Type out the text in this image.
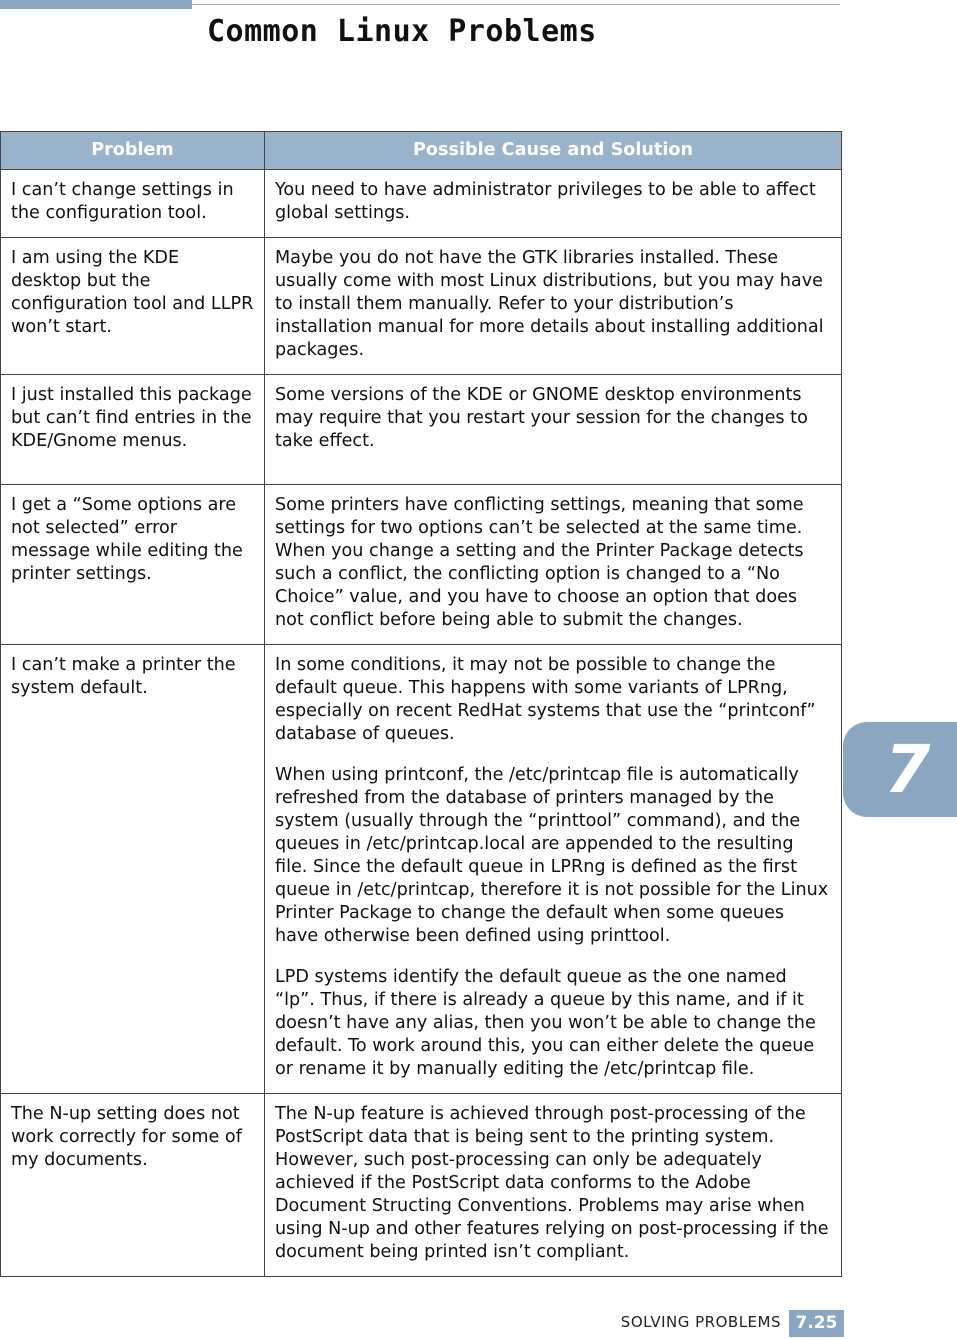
Common Linux Problems
Problem	Possible Cause and Solution
I can’t change settings in the configuration tool.	You need to have administrator privileges to be able to affect global settings.

I am using the KDE desktop but the configuration tool and LLPR won’t start.	Maybe you do not have the GTK libraries installed. These usually come with most Linux distributions, but you may have to install them manually. Refer to your distribution’s installation manual for more details about installing additional packages.

I just installed this package but can’t find entries in the KDE/Gnome menus.	Some versions of the KDE or GNOME desktop environments may require that you restart your session for the changes to take effect.

I get a “Some options are not selected” error message while editing the printer settings.	Some printers have conflicting settings, meaning that some settings for two options can’t be selected at the same time. When you change a setting and the Printer Package detects such a conflict, the conflicting option is changed to a “No Choice” value, and you have to choose an option that does not conflict before being able to submit the changes.

I can’t make a printer the system default.	In some conditions, it may not be possible to change the default queue. This happens with some variants of LPRng, especially on recent RedHat systems that use the “printconf” database of queues.

When using printconf, the /etc/printcap file is automatically refreshed from the database of printers managed by the system (usually through the “printtool” command), and the queues in /etc/printcap.local are appended to the resulting file. Since the default queue in LPRng is defined as the first queue in /etc/printcap, therefore it is not possible for the Linux Printer Package to change the default when some queues have otherwise been defined using printtool.

LPD systems identify the default queue as the one named “lp”. Thus, if there is already a queue by this name, and if it doesn’t have any alias, then you won’t be able to change the default. To work around this, you can either delete the queue or rename it by manually editing the /etc/printcap file.

The N-up setting does not work correctly for some of my documents.	The N-up feature is achieved through post-processing of the PostScript data that is being sent to the printing system. However, such post-processing can only be adequately achieved if the PostScript data conforms to the Adobe Document Structing Conventions. Problems may arise when using N-up and other features relying on post-processing if the document being printed isn’t compliant.

7
SOLVING PROBLEMS 7.25
